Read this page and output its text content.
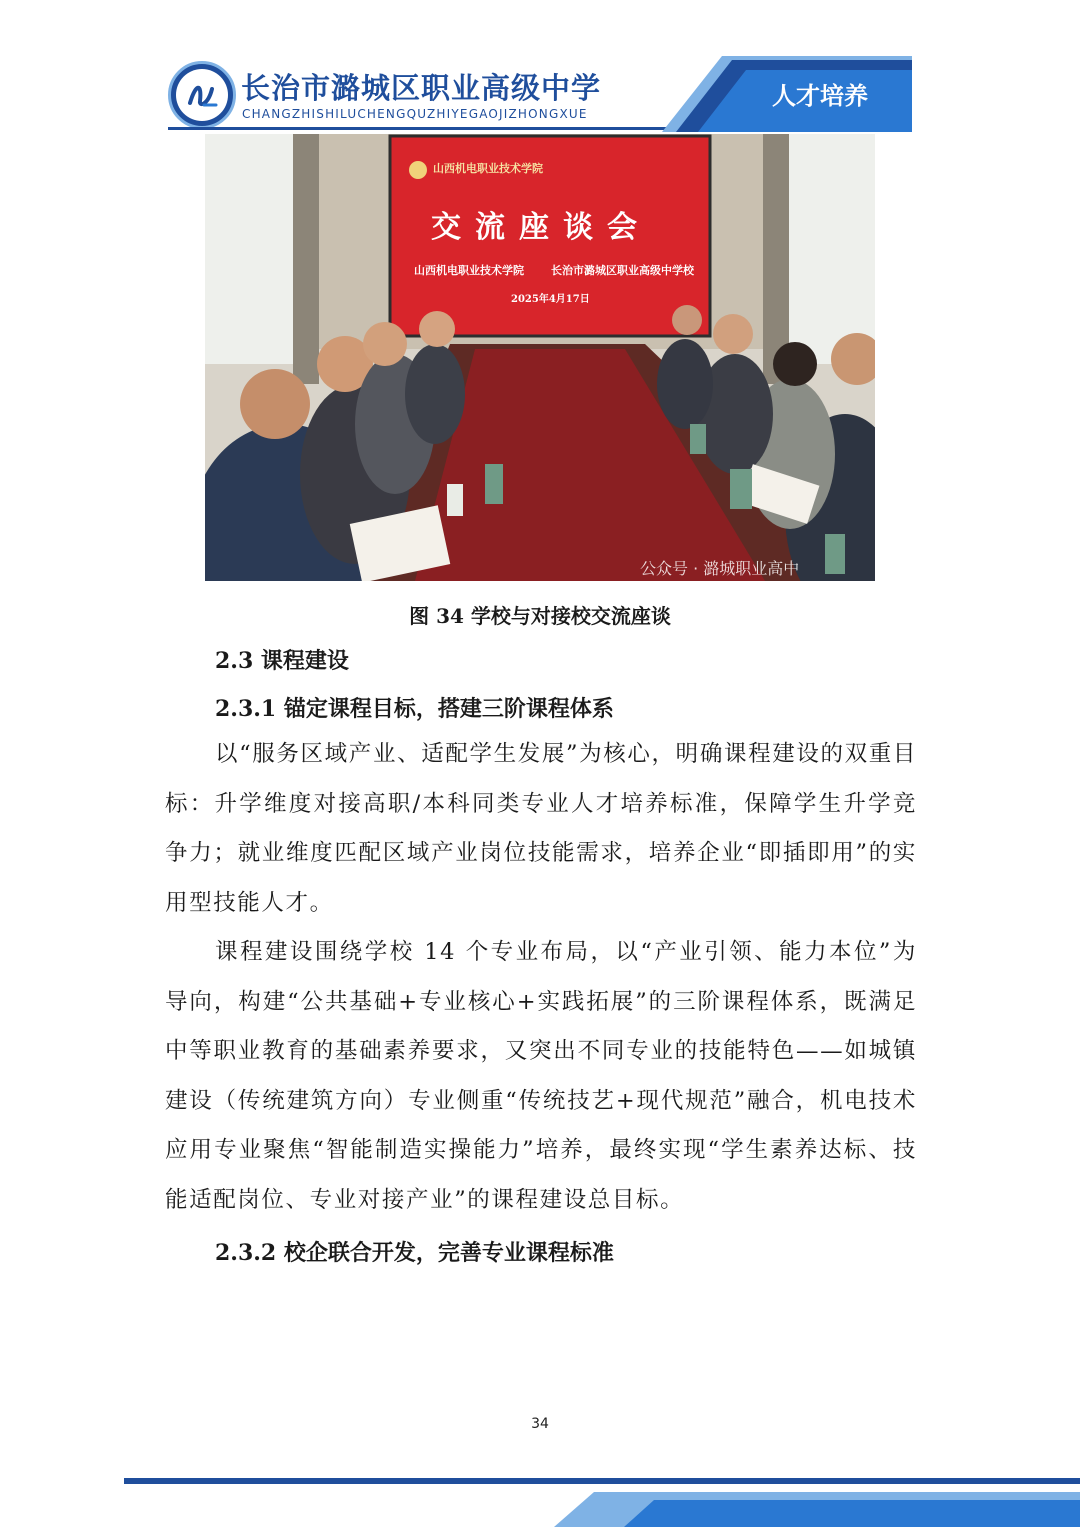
长治市潞城区职业高级中学
CHANGZHISHILUCHENGQUZHIYEGAOJIZHONGXUE
人才培养
山西机电职业技术学院
交流座谈会
山西机电职业技术学院 长治市潞城区职业高级中学校
2025年4月17日
公众号 · 潞城职业高中
图 34 学校与对接校交流座谈
2.3 课程建设
2.3.1 锚定课程目标，搭建三阶课程体系

以“服务区域产业、适配学生发展”为核心，明确课程建设的双重目标：升学维度对接高职/本科同类专业人才培养标准，保障学生升学竞争力；就业维度匹配区域产业岗位技能需求，培养企业“即插即用”的实用型技能人才。

课程建设围绕学校 14 个专业布局，以“产业引领、能力本位”为导向，构建“公共基础+专业核心+实践拓展”的三阶课程体系，既满足中等职业教育的基础素养要求，又突出不同专业的技能特色——如城镇建设（传统建筑方向）专业侧重“传统技艺+现代规范”融合，机电技术应用专业聚焦“智能制造实操能力”培养，最终实现“学生素养达标、技能适配岗位、专业对接产业”的课程建设总目标。

2.3.2 校企联合开发，完善专业课程标准
34
